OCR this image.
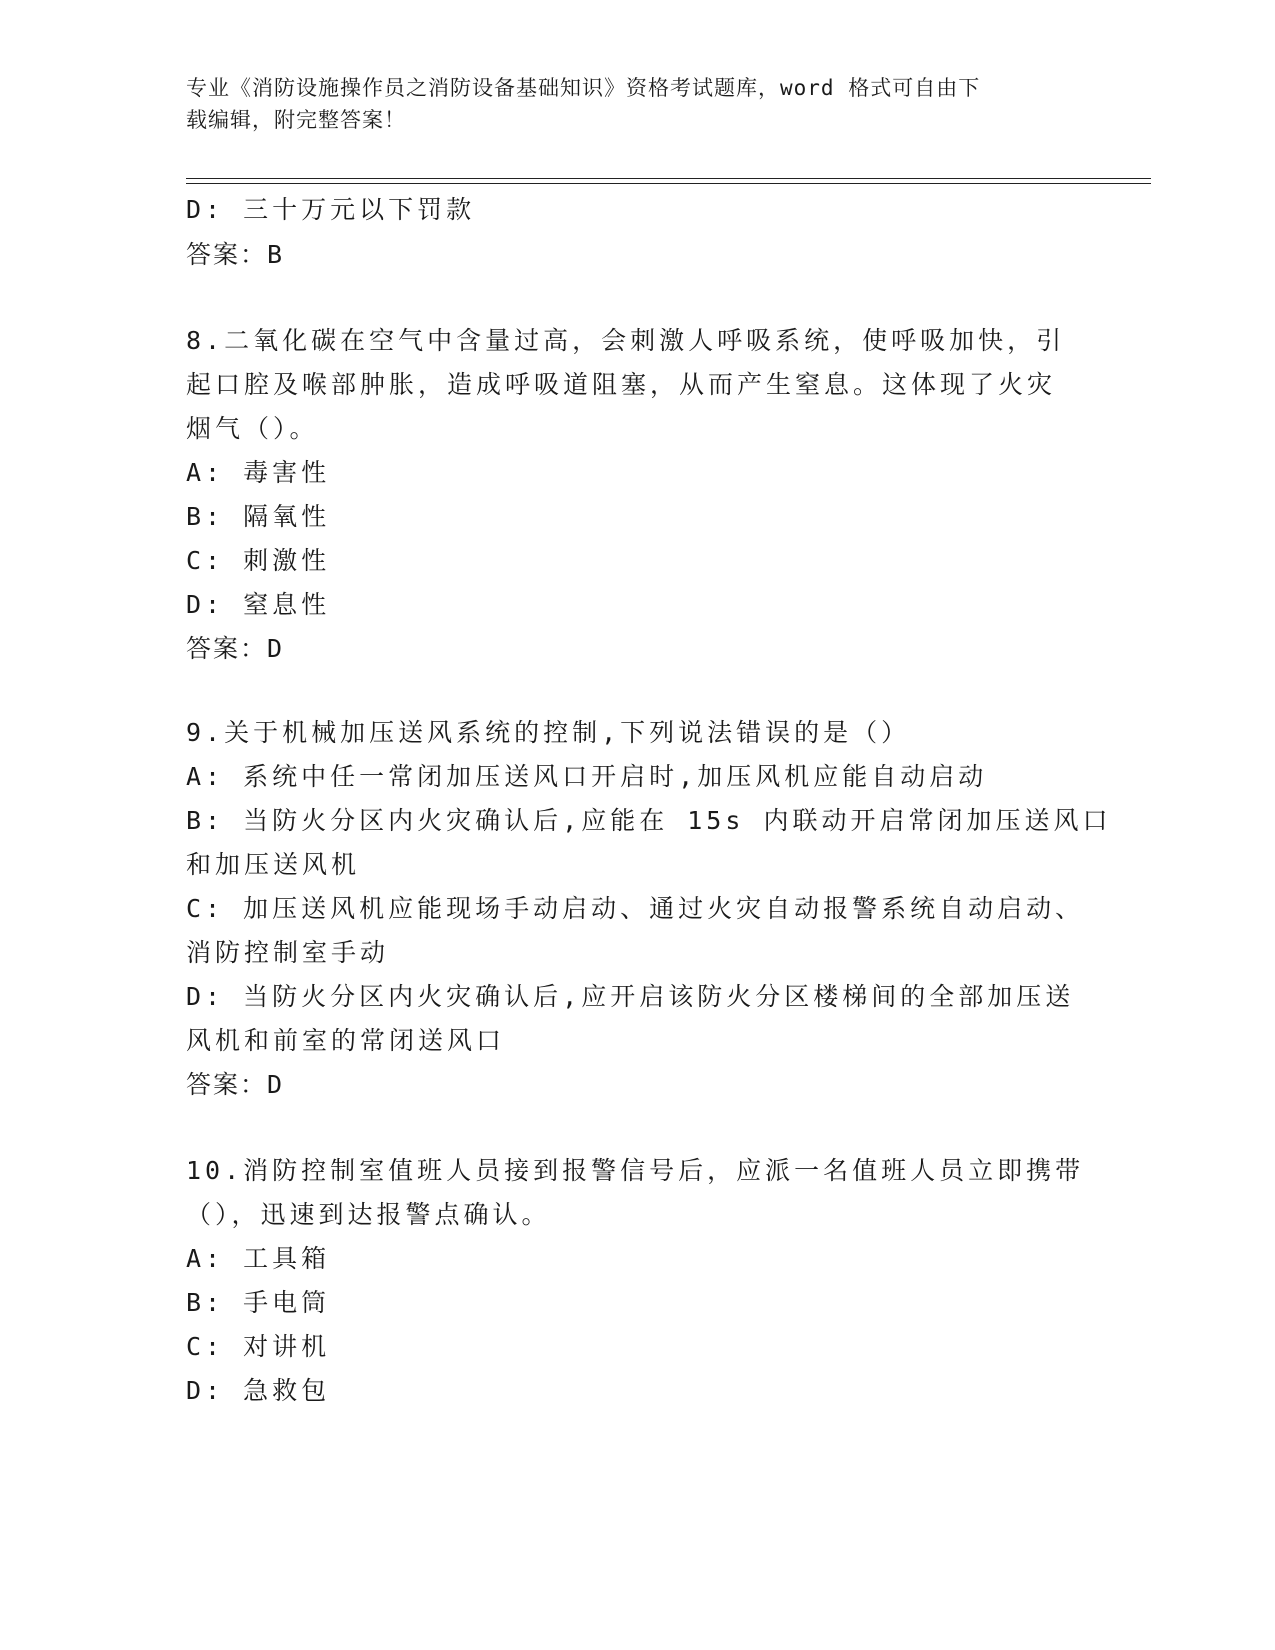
专业《消防设施操作员之消防设备基础知识》资格考试题库，word 格式可自由下
载编辑，附完整答案！
D: 三十万元以下罚款
答案：B
8.二氧化碳在空气中含量过高，会刺激人呼吸系统，使呼吸加快，引
起口腔及喉部肿胀，造成呼吸道阻塞，从而产生窒息。这体现了火灾
烟气（）。
A: 毒害性
B: 隔氧性
C: 刺激性
D: 窒息性
答案：D
9.关于机械加压送风系统的控制,下列说法错误的是（）
A: 系统中任一常闭加压送风口开启时,加压风机应能自动启动
B: 当防火分区内火灾确认后,应能在 15s 内联动开启常闭加压送风口
和加压送风机
C: 加压送风机应能现场手动启动、通过火灾自动报警系统自动启动、
消防控制室手动
D: 当防火分区内火灾确认后,应开启该防火分区楼梯间的全部加压送
风机和前室的常闭送风口
答案：D
10.消防控制室值班人员接到报警信号后，应派一名值班人员立即携带
（），迅速到达报警点确认。
A: 工具箱
B: 手电筒
C: 对讲机
D: 急救包
